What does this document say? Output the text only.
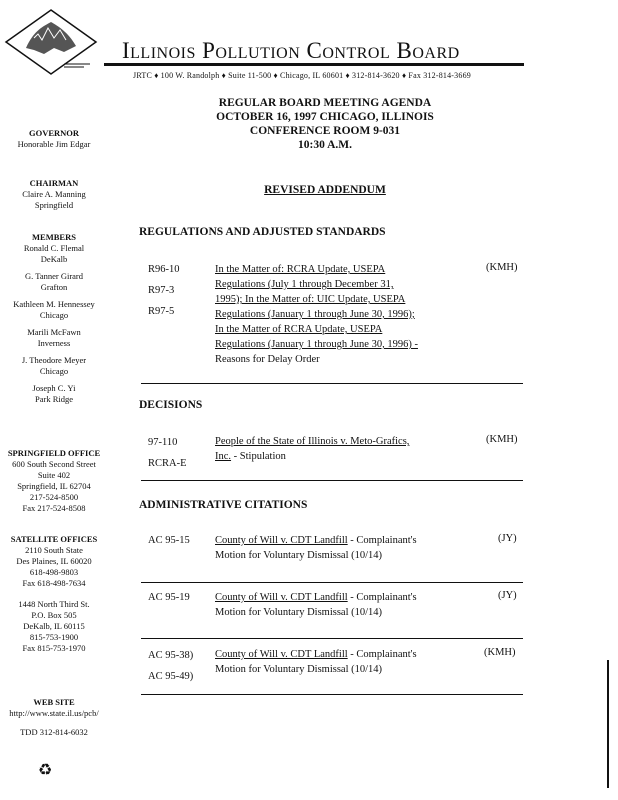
Illinois Pollution Control Board
JRTC ♦ 100 W. Randolph ♦ Suite 11-500 ♦ Chicago, IL 60601 ♦ 312-814-3620 ♦ Fax 312-814-3669
REGULAR BOARD MEETING AGENDA
OCTOBER 16, 1997 CHICAGO, ILLINOIS
CONFERENCE ROOM 9-031
10:30 A.M.
REVISED ADDENDUM
GOVERNOR
Honorable Jim Edgar
CHAIRMAN
Claire A. Manning
Springfield
MEMBERS
Ronald C. Flemal
DeKalb
G. Tanner Girard
Grafton
Kathleen M. Hennessey
Chicago
Marili McFawn
Inverness
J. Theodore Meyer
Chicago
Joseph C. Yi
Park Ridge
SPRINGFIELD OFFICE
600 South Second Street
Suite 402
Springfield, IL 62704
217-524-8500
Fax 217-524-8508
SATELLITE OFFICES
2110 South State
Des Plaines, IL 60020
618-498-9803
Fax 618-498-7634
1448 North Third St.
P.O. Box 505
DeKalb, IL 60115
815-753-1900
Fax 815-753-1970
WEB SITE
http://www.state.il.us/pcb/
TDD 312-814-6032
♻
REGULATIONS AND ADJUSTED STANDARDS
R96-10
R97-3
R97-5
In the Matter of: RCRA Update, USEPA
Regulations (July 1 through December 31,
1995); In the Matter of: UIC Update, USEPA
Regulations (January 1 through June 30, 1996);
In the Matter of RCRA Update, USEPA
Regulations (January 1 through June 30, 1996) -
Reasons for Delay Order
(KMH)
DECISIONS
97-110
RCRA-E
People of the State of Illinois v. Meto-Grafics,
Inc. - Stipulation
(KMH)
ADMINISTRATIVE CITATIONS
AC 95-15 County of Will v. CDT Landfill - Complainant's
Motion for Voluntary Dismissal (10/14)
(JY)
AC 95-19 County of Will v. CDT Landfill - Complainant's
Motion for Voluntary Dismissal (10/14)
(JY)
AC 95-38)
AC 95-49)
County of Will v. CDT Landfill - Complainant's
Motion for Voluntary Dismissal (10/14)
(KMH)
